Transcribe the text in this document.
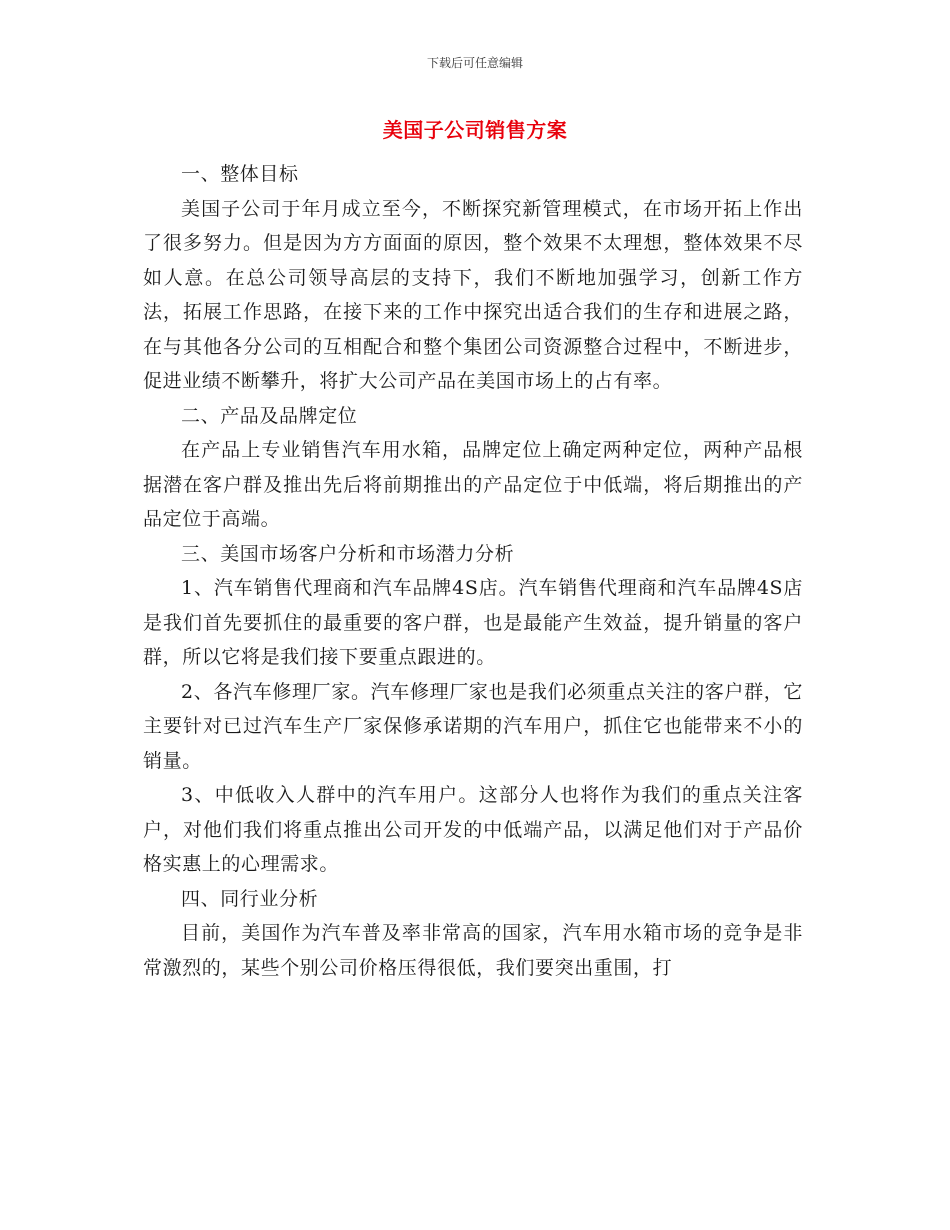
下载后可任意编辑
美国子公司销售方案

一、整体目标

美国子公司于年月成立至今，不断探究新管理模式，在市场开拓上作出了很多努力。但是因为方方面面的原因，整个效果不太理想，整体效果不尽如人意。在总公司领导高层的支持下，我们不断地加强学习，创新工作方法，拓展工作思路，在接下来的工作中探究出适合我们的生存和进展之路，在与其他各分公司的互相配合和整个集团公司资源整合过程中，不断进步，促进业绩不断攀升，将扩大公司产品在美国市场上的占有率。

二、产品及品牌定位

在产品上专业销售汽车用水箱，品牌定位上确定两种定位，两种产品根据潜在客户群及推出先后将前期推出的产品定位于中低端，将后期推出的产品定位于高端。

三、美国市场客户分析和市场潜力分析

1、汽车销售代理商和汽车品牌4S店。汽车销售代理商和汽车品牌4S店是我们首先要抓住的最重要的客户群，也是最能产生效益，提升销量的客户群，所以它将是我们接下要重点跟进的。

2、各汽车修理厂家。汽车修理厂家也是我们必须重点关注的客户群，它主要针对已过汽车生产厂家保修承诺期的汽车用户，抓住它也能带来不小的销量。

3、中低收入人群中的汽车用户。这部分人也将作为我们的重点关注客户，对他们我们将重点推出公司开发的中低端产品，以满足他们对于产品价格实惠上的心理需求。

四、同行业分析

目前，美国作为汽车普及率非常高的国家，汽车用水箱市场的竞争是非常激烈的，某些个别公司价格压得很低，我们要突出重围，打
